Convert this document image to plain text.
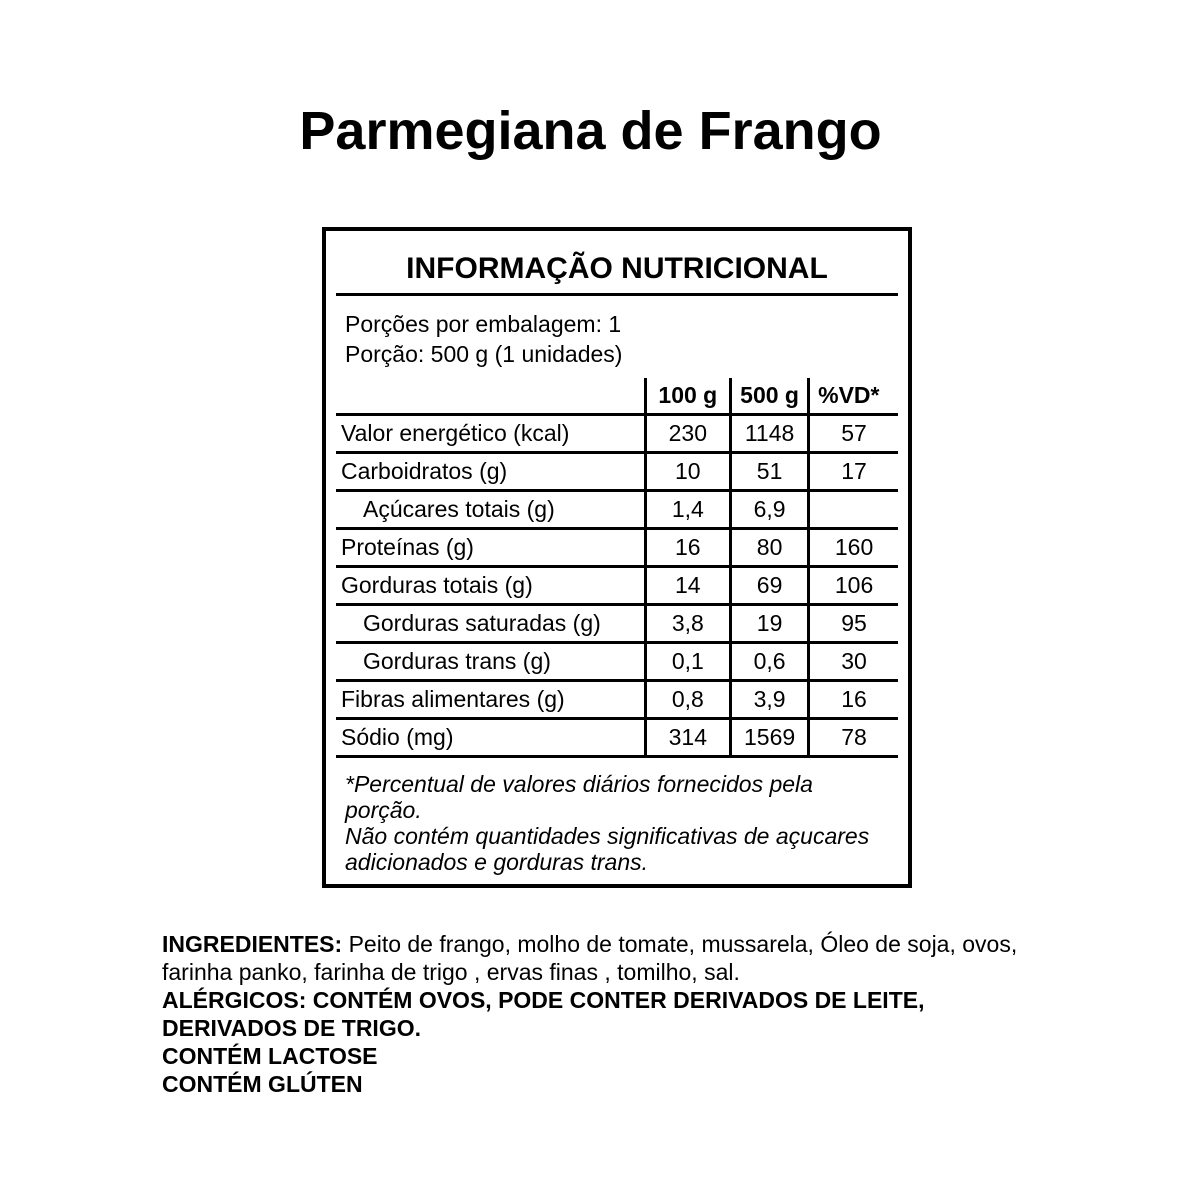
Parmegiana de Frango
INFORMAÇÃO NUTRICIONAL
Porções por embalagem: 1
Porção: 500 g (1 unidades)
	100 g	500 g	%VD*
Valor energético (kcal)	230	1148	57
Carboidratos (g)	10	51	17
Açúcares totais (g)	1,4	6,9	
Proteínas (g)	16	80	160
Gorduras totais (g)	14	69	106
Gorduras saturadas (g)	3,8	19	95
Gorduras trans (g)	0,1	0,6	30
Fibras alimentares (g)	0,8	3,9	16
Sódio (mg)	314	1569	78
*Percentual de valores diários fornecidos pela porção.
Não contém quantidades significativas de açucares adicionados e gorduras trans.

INGREDIENTES: Peito de frango, molho de tomate, mussarela, Óleo de soja, ovos, farinha panko, farinha de trigo , ervas finas , tomilho, sal.

ALÉRGICOS: CONTÉM OVOS, PODE CONTER DERIVADOS DE LEITE, DERIVADOS DE TRIGO.

CONTÉM LACTOSE

CONTÉM GLÚTEN
